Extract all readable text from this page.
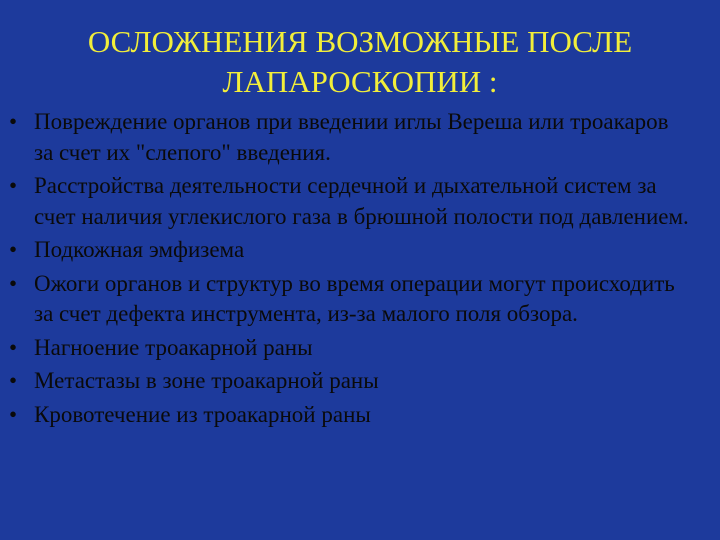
ОСЛОЖНЕНИЯ ВОЗМОЖНЫЕ ПОСЛЕ
ЛАПАРОСКОПИИ :
• Повреждение органов при введении иглы Вереша или троакаров за счет их "слепого" введения.
• Расстройства деятельности сердечной и дыхательной систем за счет наличия углекислого газа в брюшной полости под давлением.
• Подкожная эмфизема
• Ожоги органов и структур во время операции могут происходить за счет дефекта инструмента, из-за малого поля обзора.
• Нагноение троакарной раны
• Метастазы в зоне троакарной раны
• Кровотечение из троакарной раны
